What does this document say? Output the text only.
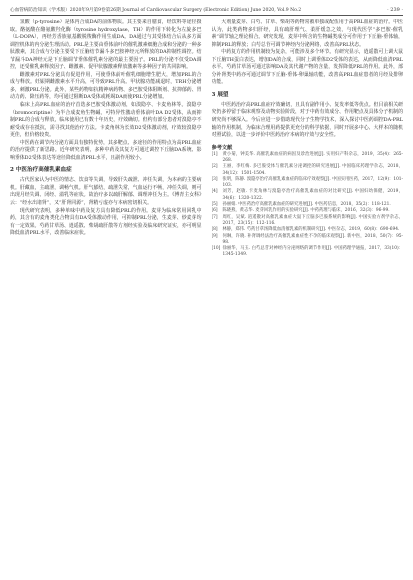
心血管病防治知识（学术版）2020年9月第9卷第26期 Journal of Cardiovascular Surgery (Electronic Edition) June 2020, Vol.9 No.2	· 239 ·

氢酸（p-tyrosine）是体内合成DA的前体物质。其主要来自膳食，经饮料等途径摄取。酪氨酸在酪氨酸羟化酶（tyrosine hydroxylase，TH）的作用下转化为左旋多巴（L-DOPA），再经芳香族氨基酸脱羧酶作用生成DA。DA通过与其受体结合后从多方面调控机体的内分泌生理活动。PRL是主要由垂体前叶的催乳激素细胞合成和分泌的一种多肽激素，其合成与分泌主要受下丘脑结节漏斗多巴胺神经元所释放的DA抑制性调控。结节漏斗DA神经元是下丘脑调节垂体催乳素分泌的最主要因子。PRL的分泌不仅受DA调控，还受催乳素释放因子、雌激素、促甲状腺激素释放激素等多种因子的共同影响。

雌激素对PRL分泌具有促进作用，可使垂体前叶催乳细胞增生肥大，增加PRL的合成与释放。妊娠期雌激素水平升高，可导致PRL升高。甲状腺功能减退时，TRH分泌增多，刺激PRL分泌。此外，某些药物如抗精神病药物、多巴胺受体阻断剂、抗抑郁药、胃动力药、降压药等，均可通过阻断DA受体或耗竭DA而使PRL分泌增加。

临床上高PRL血症的治疗首选多巴胺受体激动剂，如溴隐亭、卡麦角林等。溴隐亭（bromocriptine）为半合成麦角生物碱，可特异性激动垂体前叶DA D2受体，从而抑制PRL的合成与释放，临床使用已有数十年历史，疗效确切。但约有部分患者对溴隐亭不耐受或存在抵抗，需寻找其他治疗方法。卡麦角林为长效D2受体激动剂，疗效较溴隐亭更佳，但价格较贵。

中医药在调节内分泌方面具有独特优势，其多靶点、多途径的作用特点为高PRL血症的治疗提供了新思路。近年研究表明，多种中药及其复方可通过调控下丘脑DA系统、影响垂体D2受体表达等途径降低血清PRL水平，且副作用较小。

2 中医治疗高催乳素血症

古代医家认为中医的情志、饮食等失调，导致肝失疏泄、冲任失调，为本病的主要病机。肝藏血，主疏泄，调畅气机。肝气郁结，疏泄失常，气血运行不畅，冲任失调，则可出现月经失调、闭经、溢乳等症状。故治疗多以疏肝解郁、调理冲任为主。《傅青主女科》云：“经水出诸肾”，又“肝肾同源”，肾精亏虚亦与本病密切相关。

现代研究表明，多种单味中药及复方具有降低PRL的作用。麦芽为临床常用回乳中药，其含有的麦角类化合物具有DA受体激动作用，可抑制PRL分泌，生麦芽、炒麦芽均有一定效果。芍药甘草汤、逍遥散、柴胡疏肝散等方剂经实验及临床研究证实，亦可明显降低血清PRL水平，改善临床症状。

大剂量麦芽、白芍、甘草、柴胡等药物常被单独或配伍用于高PRL血症的治疗。中医认为，此类药物多归肝经，具有疏肝理气、柔肝缓急之效，与现代医学“多巴胺-催乳素”调节轴之理论相合。研究发现，麦芽中所含的生物碱类成分可作用于下丘脑-垂体轴，抑制PRL的释放；白芍总苷可调节神经内分泌网络，改善高PRL状态。

中药复方的作用机制较为复杂，可能涉及多个环节。有研究显示，逍遥散可上调大鼠下丘脑TH蛋白表达，增加DA的合成，同时上调垂体D2受体的表达，从而降低血清PRL水平。芍药甘草汤可通过影响DA及其代谢产物的含量，发挥降低PRL的作用。此外，部分补肾类中药亦可通过调节下丘脑-垂体-卵巢轴功能，改善高PRL血症患者的月经及排卵功能。

3 展望

中医药治疗高PRL血症疗效确切，且具有副作用小、复发率低等优点。但目前相关研究仍多停留于临床观察及动物实验阶段，对于中药有效成分、作用靶点及具体分子机制的研究尚不够深入。今后应进一步借助现代分子生物学技术，深入探讨中医药调控DA-PRL轴的作用机制，为临床合理用药提供更充分的科学依据，同时开展多中心、大样本的随机对照试验，以进一步评价中医药治疗本病的疗效与安全性。

参考文献
[1]	黄小菊，钟美华. 高催乳素血症的病因及诊治进展[J]. 实用妇产科杂志，2019，35(4)：265-268.
[2]	王丽，李红梅. 多巴胺受体与催乳素分泌调控的研究进展[J]. 中国临床药理学杂志，2018，34(12)：1501-1504.
[3]	张明，陈静. 溴隐亭治疗高催乳素血症的临床疗效观察[J]. 中国实用医药，2017，12(9)：101-103.
[4]	刘芳，赵敏. 卡麦角林与溴隐亭治疗高催乳素血症的对比研究[J]. 中国妇幼保健，2019，34(6)：1320-1322.
[5]	孙丽娟. 中医药治疗高催乳素血症的研究进展[J]. 中医药信息，2018，35(2)：118-121.
[6]	陈晓燕，黄志华. 麦芽回乳作用的实验研究[J]. 中药药理与临床，2016，32(3)：96-99.
[7]	周红，吴斌. 逍遥散对高催乳素血症大鼠下丘脑多巴胺系统的影响[J]. 中国实验方剂学杂志，2017，23(15)：112-116.
[8]	林静，郑伟. 芍药甘草汤降低血清催乳素的机制研究[J]. 中医杂志，2019，60(8)：690-694.
[9]	何琳，许晓. 补肾调经法治疗高催乳素血症性不孕的临床观察[J]. 新中医，2018，50(7)：95-98.
[10] 徐丽华，马玉. 白芍总苷对神经内分泌网络的调节作用[J]. 中国药理学通报，2017，33(10)：1345-1349.
